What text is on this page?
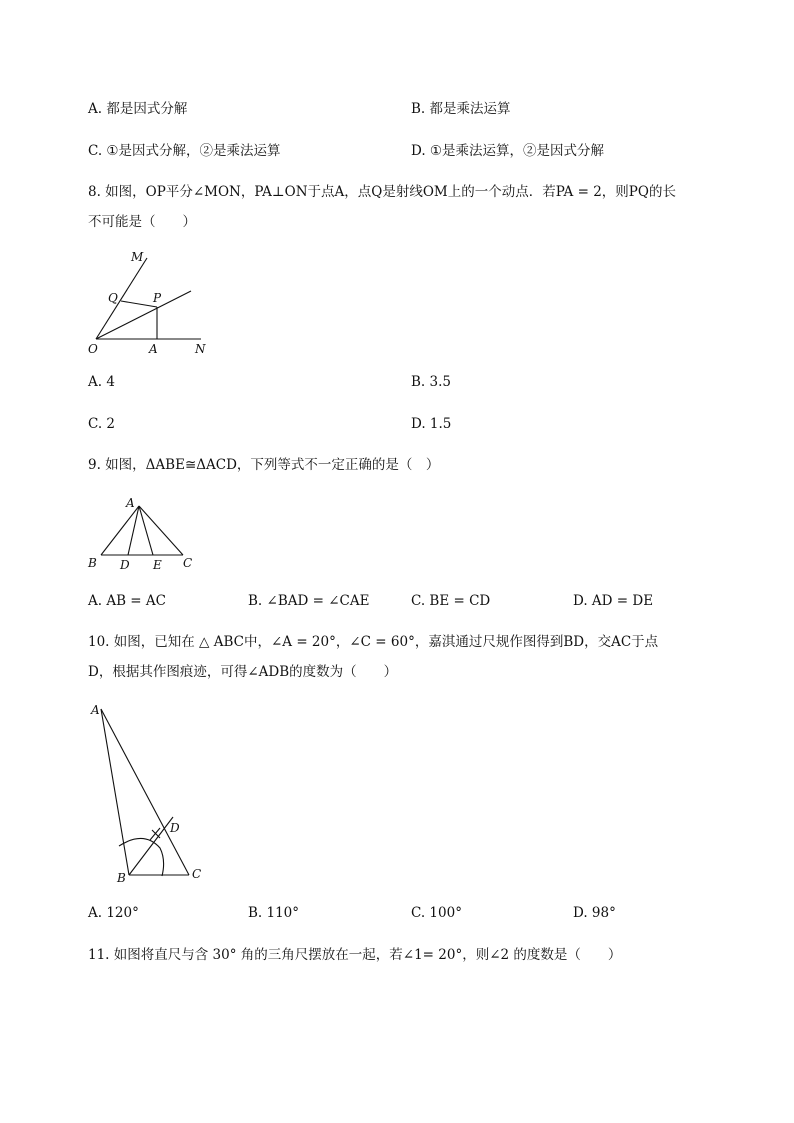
A. 都是因式分解	B. 都是乘法运算
C. ①是因式分解，②是乘法运算	D. ①是乘法运算，②是因式分解
8. 如图，OP平分∠MON，PA⊥ON于点A，点Q是射线OM上的一个动点．若PA = 2，则PQ的长
不可能是（　　）
M
Q	P
O	A	N
A. 4	B. 3.5
C. 2	D. 1.5
9. 如图，ΔABE≅ΔACD，下列等式不一定正确的是（　）
A
B D E C
A. AB = AC	B. ∠BAD = ∠CAE	C. BE = CD	D. AD = DE
10. 如图，已知在 △ ABC中，∠A = 20°，∠C = 60°，嘉淇通过尺规作图得到BD，交AC于点
D，根据其作图痕迹，可得∠ADB的度数为（　　）
A
B	C
D
A. 120°	B. 110°	C. 100°	D. 98°
11. 如图将直尺与含 30° 角的三角尺摆放在一起，若∠1= 20°，则∠2 的度数是（　　）
